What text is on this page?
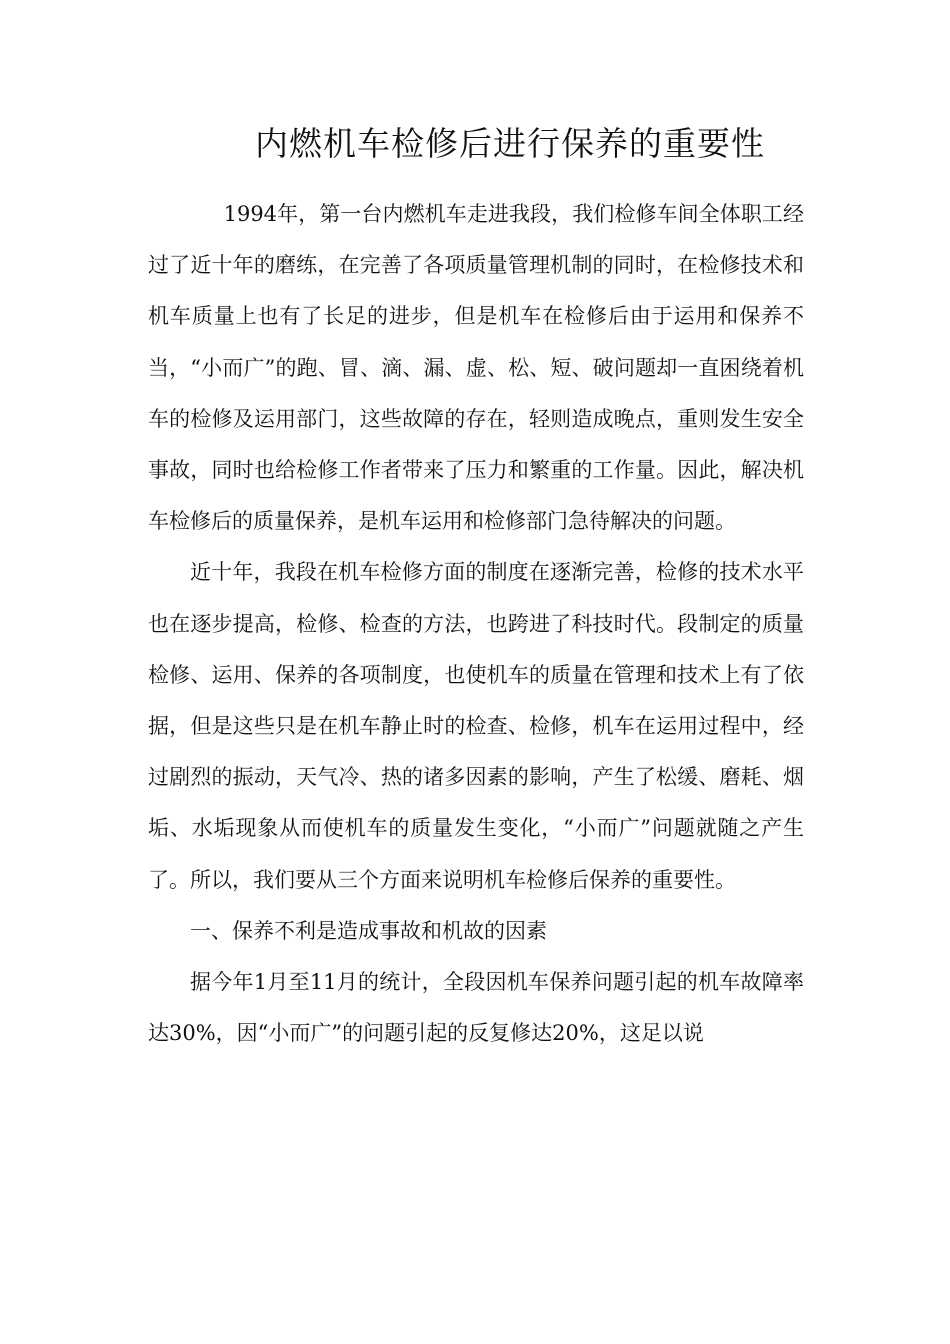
内燃机车检修后进行保养的重要性

1994年，第一台内燃机车走进我段，我们检修车间全体职工经过了近十年的磨练，在完善了各项质量管理机制的同时，在检修技术和机车质量上也有了长足的进步，但是机车在检修后由于运用和保养不当，“小而广”的跑、冒、滴、漏、虚、松、短、破问题却一直困绕着机车的检修及运用部门，这些故障的存在，轻则造成晚点，重则发生安全事故，同时也给检修工作者带来了压力和繁重的工作量。因此，解决机车检修后的质量保养，是机车运用和检修部门急待解决的问题。

近十年，我段在机车检修方面的制度在逐渐完善，检修的技术水平也在逐步提高，检修、检查的方法，也跨进了科技时代。段制定的质量检修、运用、保养的各项制度，也使机车的质量在管理和技术上有了依据，但是这些只是在机车静止时的检查、检修，机车在运用过程中，经过剧烈的振动，天气冷、热的诸多因素的影响，产生了松缓、磨耗、烟垢、水垢现象从而使机车的质量发生变化，“小而广”问题就随之产生了。所以，我们要从三个方面来说明机车检修后保养的重要性。

一、保养不利是造成事故和机故的因素

据今年1月至11月的统计，全段因机车保养问题引起的机车故障率达30%，因“小而广”的问题引起的反复修达20%，这足以说
